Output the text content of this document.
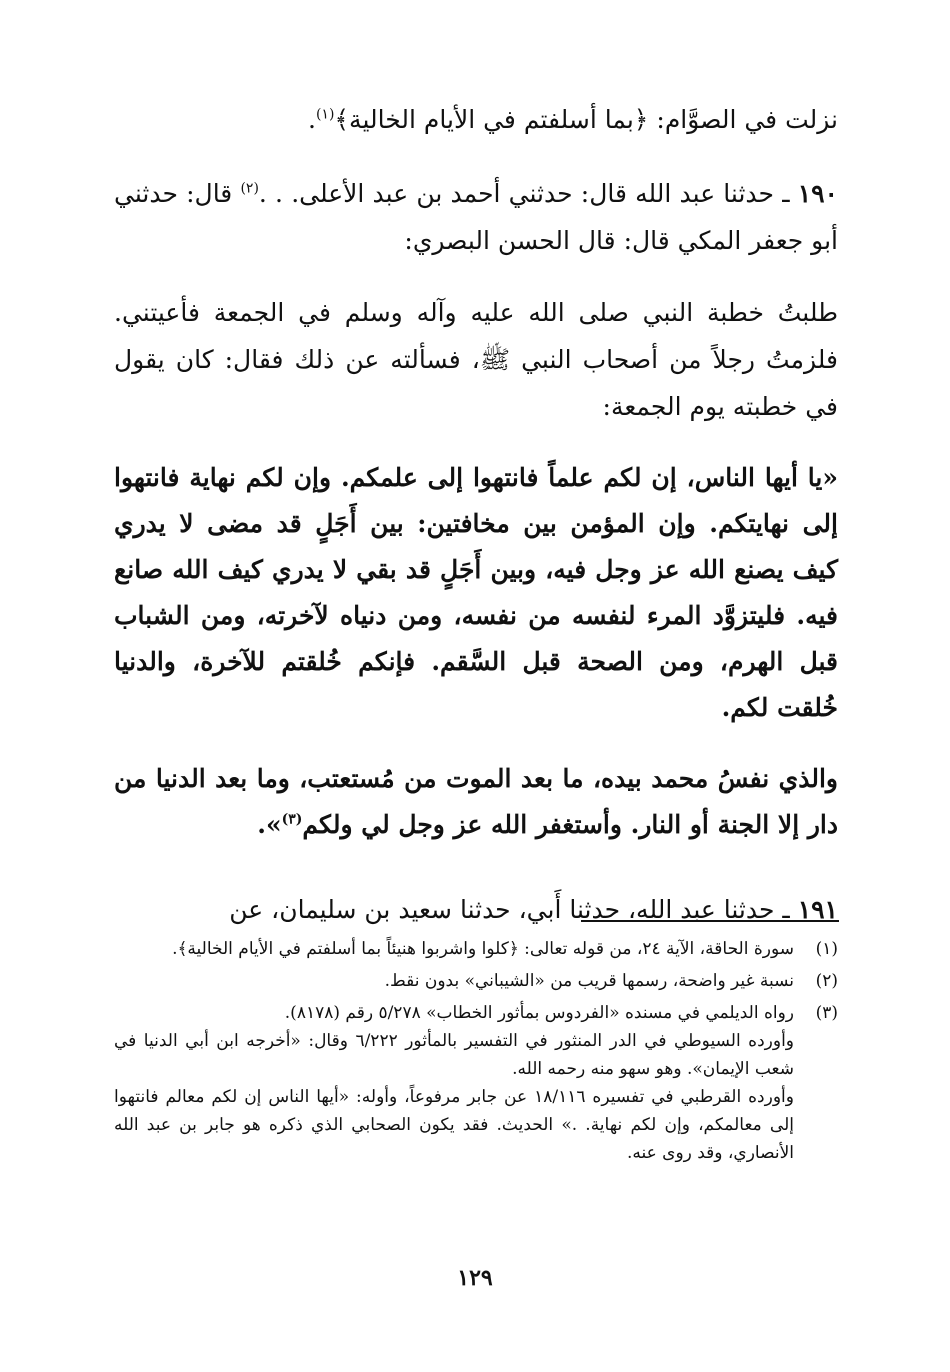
نزلت في الصوَّام: ﴿بما أسلفتم في الأيام الخالية﴾$^{(١)}$.

١٩٠ ـ حدثنا عبد الله قال: حدثني أحمد بن عبد الأعلى. . .$^{(٢)}$ قال: حدثني أبو جعفر المكي قال: قال الحسن البصري:

طلبتُ خطبة النبي صلى الله عليه وآله وسلم في الجمعة فأعيتني. فلزمتُ رجلاً من أصحاب النبي ﷺ، فسألته عن ذلك فقال: كان يقول في خطبته يوم الجمعة:

«يا أيها الناس، إن لكم علماً فانتهوا إلى علمكم. وإن لكم نهاية فانتهوا إلى نهايتكم. وإن المؤمن بين مخافتين: بين أَجَلٍ قد مضى لا يدري كيف يصنع الله عز وجل فيه، وبين أَجَلٍ قد بقي لا يدري كيف الله صانع فيه. فليتزوَّد المرء لنفسه من نفسه، ومن دنياه لآخرته، ومن الشباب قبل الهرم، ومن الصحة قبل السَّقم. فإنكم خُلقتم للآخرة، والدنيا خُلقت لكم.

والذي نفسُ محمد بيده، ما بعد الموت من مُستعتب، وما بعد الدنيا من دار إلا الجنة أو النار. وأستغفر الله عز وجل لي ولكم$^{(٣)}$».

١٩١ ـ حدثنا عبد الله، حدثنا أَبي، حدثنا سعيد بن سليمان، عن

(١)

سورة الحاقة، الآية ٢٤، من قوله تعالى: ﴿كلوا واشربوا هنيئاً بما أسلفتم في الأيام الخالية﴾.

(٢)

نسبة غير واضحة، رسمها قريب من «الشيباني» بدون نقط.

(٣)

رواه الديلمي في مسنده «الفردوس بمأثور الخطاب» ٥/٢٧٨ رقم (٨١٧٨).

وأورده السيوطي في الدر المنثور في التفسير بالمأثور ٦/٢٢٢ وقال: «أخرجه ابن أبي الدنيا في شعب الإيمان». وهو سهو منه رحمه الله.

وأورده القرطبي في تفسيره ١٨/١١٦ عن جابر مرفوعاً، وأوله: «أيها الناس إن لكم معالم فانتهوا إلى معالمكم، وإن لكم نهاية. .» الحديث. فقد يكون الصحابي الذي ذكره هو جابر بن عبد الله الأنصاري، وقد روى عنه.

١٢٩
